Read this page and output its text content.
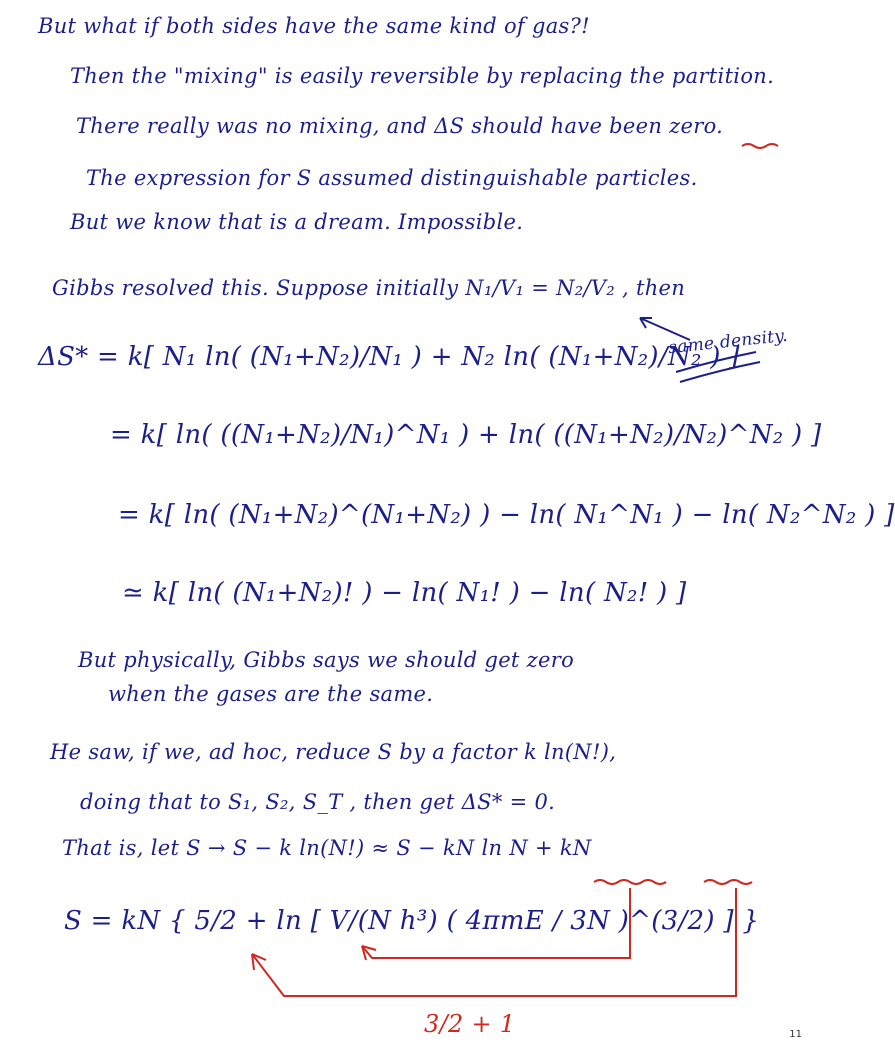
But what if both sides have the same kind of gas?!
Then the "mixing" is easily reversible by replacing the partition.
There really was no mixing, and ΔS should have been zero.
The expression for S assumed distinguishable particles.
But we know that is a dream. Impossible.
Gibbs resolved this. Suppose initially N₁/V₁ = N₂/V₂ , then
same density.
ΔS* = k[ N₁ ln( (N₁+N₂)/N₁ ) + N₂ ln( (N₁+N₂)/N₂ ) ]
= k[ ln( ((N₁+N₂)/N₁)^N₁ ) + ln( ((N₁+N₂)/N₂)^N₂ ) ]
= k[ ln( (N₁+N₂)^(N₁+N₂) ) − ln( N₁^N₁ ) − ln( N₂^N₂ ) ]
≃ k[ ln( (N₁+N₂)! ) − ln( N₁! ) − ln( N₂! ) ]
But physically, Gibbs says we should get zero
when the gases are the same.
He saw, if we, ad hoc, reduce S by a factor k ln(N!),
doing that to S₁, S₂, S_T , then get ΔS* = 0.
That is, let S → S − k ln(N!) ≈ S − kN ln N + kN
S = kN { 5/2 + ln [ V/(N h³) ( 4πmE / 3N )^(3/2) ] }
3/2 + 1	11
